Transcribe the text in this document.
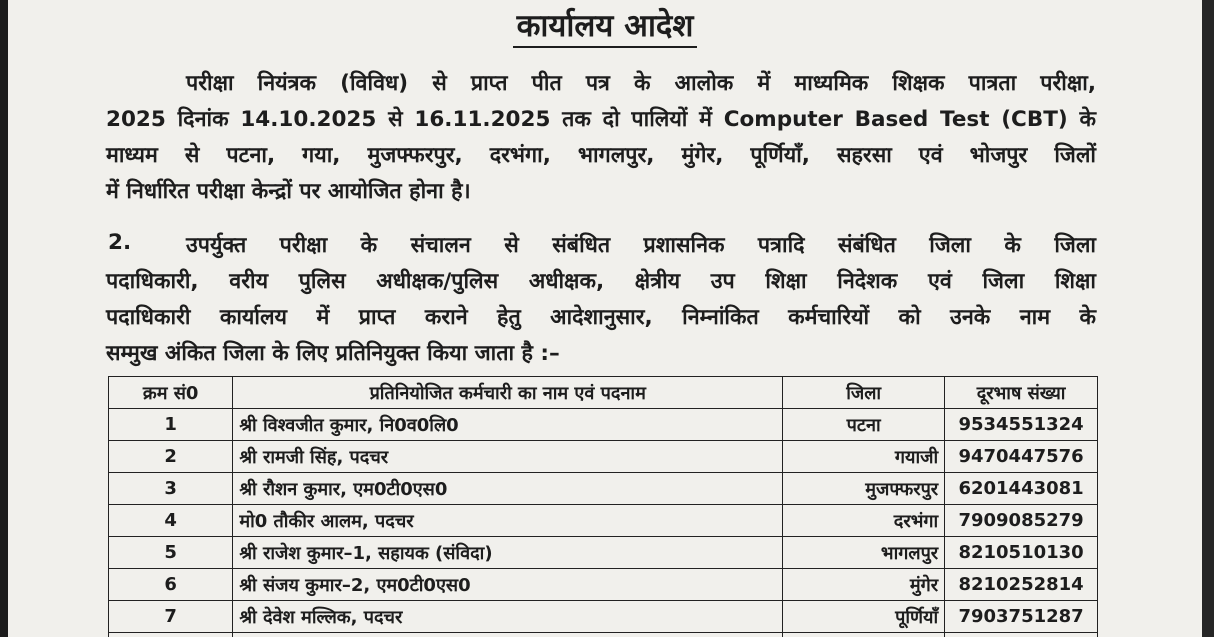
कार्यालय आदेश
परीक्षा नियंत्रक (विविध) से प्राप्त पीत पत्र के आलोक में माध्यमिक शिक्षक पात्रता परीक्षा,
2025 दिनांक 14.10.2025 से 16.11.2025 तक दो पालियों में Computer Based Test (CBT) के
माध्यम से पटना, गया, मुजफ्फरपुर, दरभंगा, भागलपुर, मुंगेर, पूर्णियाँ, सहरसा एवं भोजपुर जिलों
में निर्धारित परीक्षा केन्द्रों पर आयोजित होना है।
2.	उपर्युक्त परीक्षा के संचालन से संबंधित प्रशासनिक पत्रादि संबंधित जिला के जिला
पदाधिकारी, वरीय पुलिस अधीक्षक/पुलिस अधीक्षक, क्षेत्रीय उप शिक्षा निदेशक एवं जिला शिक्षा
पदाधिकारी कार्यालय में प्राप्त कराने हेतु आदेशानुसार, निम्नांकित कर्मचारियों को उनके नाम के
सम्मुख अंकित जिला के लिए प्रतिनियुक्त किया जाता है :–
क्रम सं0	प्रतिनियोजित कर्मचारी का नाम एवं पदनाम	जिला	दूरभाष संख्या
1	श्री विश्वजीत कुमार, नि0व0लि0	पटना	9534551324
2	श्री रामजी सिंह, पदचर	गयाजी	9470447576
3	श्री रौशन कुमार, एम0टी0एस0	मुजफ्फरपुर	6201443081
4	मो0 तौकीर आलम, पदचर	दरभंगा	7909085279
5	श्री राजेश कुमार–1, सहायक (संविदा)	भागलपुर	8210510130
6	श्री संजय कुमार–2, एम0टी0एस0	मुंगेर	8210252814
7	श्री देवेश मल्लिक, पदचर	पूर्णियाँ	7903751287
